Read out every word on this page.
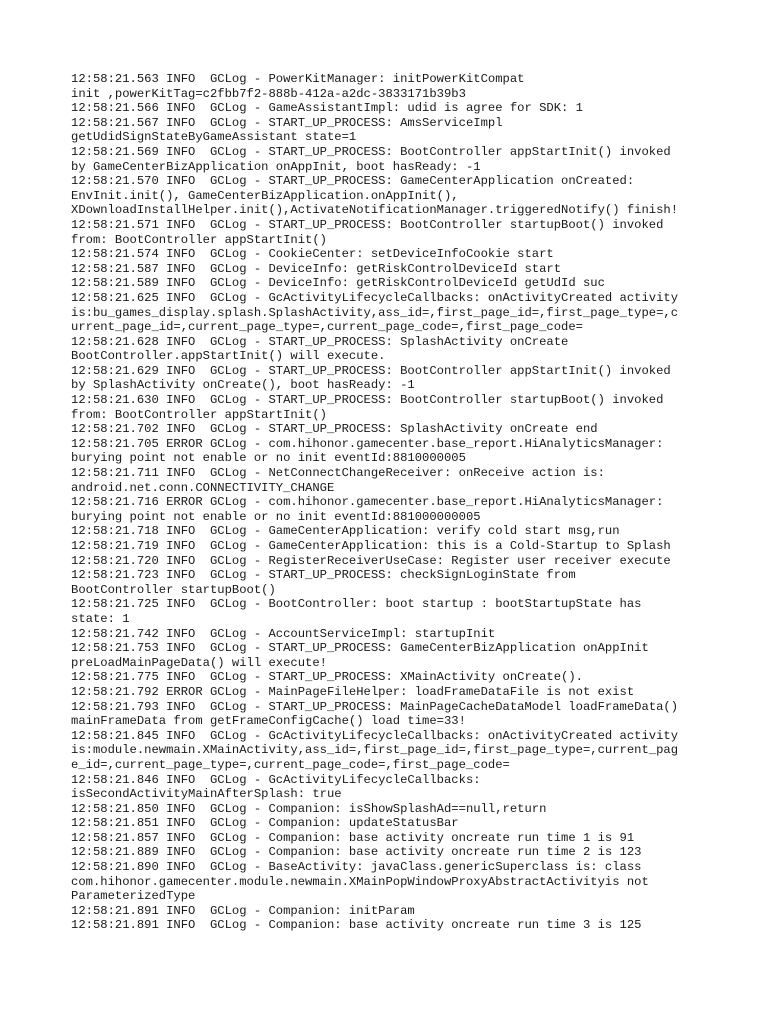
12:58:21.563 INFO  GCLog - PowerKitManager: initPowerKitCompat
init ,powerKitTag=c2fbb7f2-888b-412a-a2dc-3833171b39b3
12:58:21.566 INFO  GCLog - GameAssistantImpl: udid is agree for SDK: 1
12:58:21.567 INFO  GCLog - START_UP_PROCESS: AmsServiceImpl
getUdidSignStateByGameAssistant state=1
12:58:21.569 INFO  GCLog - START_UP_PROCESS: BootController appStartInit() invoked
by GameCenterBizApplication onAppInit, boot hasReady: -1
12:58:21.570 INFO  GCLog - START_UP_PROCESS: GameCenterApplication onCreated:
EnvInit.init(), GameCenterBizApplication.onAppInit(),
XDownloadInstallHelper.init(),ActivateNotificationManager.triggeredNotify() finish!
12:58:21.571 INFO  GCLog - START_UP_PROCESS: BootController startupBoot() invoked
from: BootController appStartInit()
12:58:21.574 INFO  GCLog - CookieCenter: setDeviceInfoCookie start
12:58:21.587 INFO  GCLog - DeviceInfo: getRiskControlDeviceId start
12:58:21.589 INFO  GCLog - DeviceInfo: getRiskControlDeviceId getUdId suc
12:58:21.625 INFO  GCLog - GcActivityLifecycleCallbacks: onActivityCreated activity
is:bu_games_display.splash.SplashActivity,ass_id=,first_page_id=,first_page_type=,c
urrent_page_id=,current_page_type=,current_page_code=,first_page_code=
12:58:21.628 INFO  GCLog - START_UP_PROCESS: SplashActivity onCreate
BootController.appStartInit() will execute.
12:58:21.629 INFO  GCLog - START_UP_PROCESS: BootController appStartInit() invoked
by SplashActivity onCreate(), boot hasReady: -1
12:58:21.630 INFO  GCLog - START_UP_PROCESS: BootController startupBoot() invoked
from: BootController appStartInit()
12:58:21.702 INFO  GCLog - START_UP_PROCESS: SplashActivity onCreate end
12:58:21.705 ERROR GCLog - com.hihonor.gamecenter.base_report.HiAnalyticsManager:
burying point not enable or no init eventId:8810000005
12:58:21.711 INFO  GCLog - NetConnectChangeReceiver: onReceive action is:
android.net.conn.CONNECTIVITY_CHANGE
12:58:21.716 ERROR GCLog - com.hihonor.gamecenter.base_report.HiAnalyticsManager:
burying point not enable or no init eventId:881000000005
12:58:21.718 INFO  GCLog - GameCenterApplication: verify cold start msg,run
12:58:21.719 INFO  GCLog - GameCenterApplication: this is a Cold-Startup to Splash
12:58:21.720 INFO  GCLog - RegisterReceiverUseCase: Register user receiver execute
12:58:21.723 INFO  GCLog - START_UP_PROCESS: checkSignLoginState from
BootController startupBoot()
12:58:21.725 INFO  GCLog - BootController: boot startup : bootStartupState has
state: 1
12:58:21.742 INFO  GCLog - AccountServiceImpl: startupInit
12:58:21.753 INFO  GCLog - START_UP_PROCESS: GameCenterBizApplication onAppInit
preLoadMainPageData() will execute!
12:58:21.775 INFO  GCLog - START_UP_PROCESS: XMainActivity onCreate().
12:58:21.792 ERROR GCLog - MainPageFileHelper: loadFrameDataFile is not exist
12:58:21.793 INFO  GCLog - START_UP_PROCESS: MainPageCacheDataModel loadFrameData()
mainFrameData from getFrameConfigCache() load time=33!
12:58:21.845 INFO  GCLog - GcActivityLifecycleCallbacks: onActivityCreated activity
is:module.newmain.XMainActivity,ass_id=,first_page_id=,first_page_type=,current_pag
e_id=,current_page_type=,current_page_code=,first_page_code=
12:58:21.846 INFO  GCLog - GcActivityLifecycleCallbacks:
isSecondActivityMainAfterSplash: true
12:58:21.850 INFO  GCLog - Companion: isShowSplashAd==null,return
12:58:21.851 INFO  GCLog - Companion: updateStatusBar
12:58:21.857 INFO  GCLog - Companion: base activity oncreate run time 1 is 91
12:58:21.889 INFO  GCLog - Companion: base activity oncreate run time 2 is 123
12:58:21.890 INFO  GCLog - BaseActivity: javaClass.genericSuperclass is: class
com.hihonor.gamecenter.module.newmain.XMainPopWindowProxyAbstractActivityis not
ParameterizedType
12:58:21.891 INFO  GCLog - Companion: initParam
12:58:21.891 INFO  GCLog - Companion: base activity oncreate run time 3 is 125
